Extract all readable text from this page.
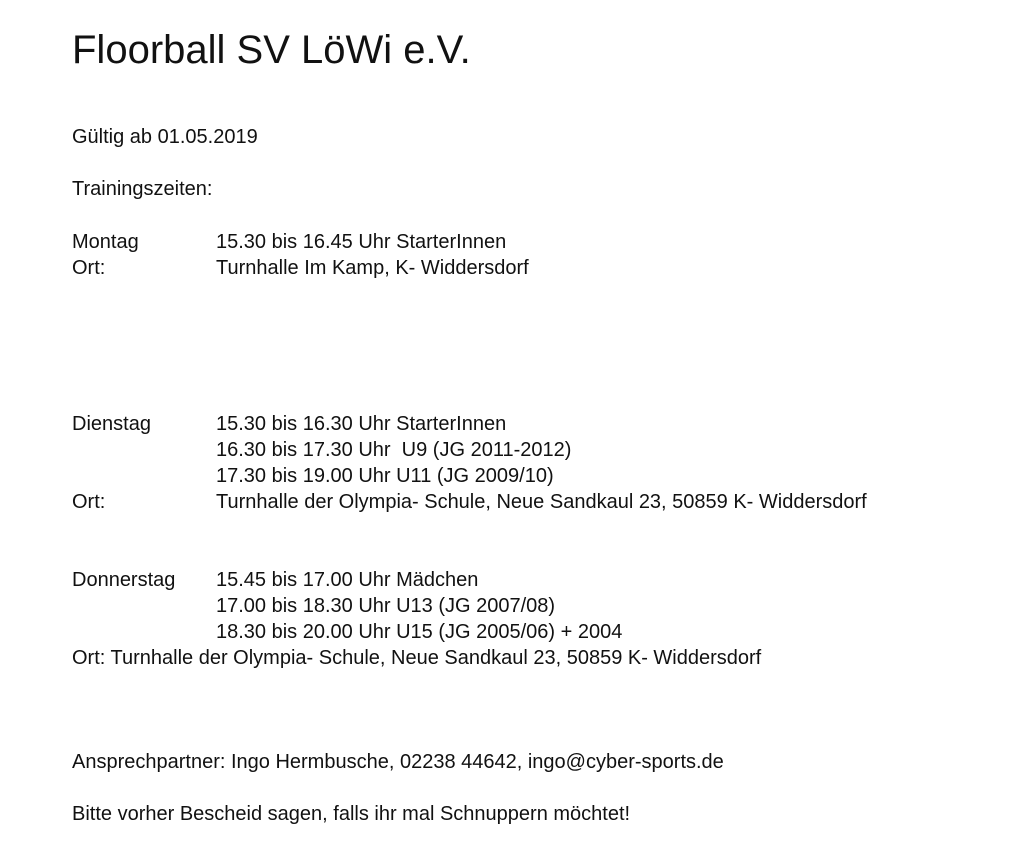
Floorball SV LöWi e.V.
Gültig ab 01.05.2019
Trainingszeiten:
Montag	15.30 bis 16.45 Uhr StarterInnen
Ort:	Turnhalle Im Kamp, K- Widdersdorf
Dienstag	15.30 bis 16.30 Uhr StarterInnen
16.30 bis 17.30 Uhr  U9 (JG 2011-2012)
17.30 bis 19.00 Uhr U11 (JG 2009/10)
Ort:	Turnhalle der Olympia- Schule, Neue Sandkaul 23, 50859 K- Widdersdorf
Donnerstag 15.45 bis 17.00 Uhr Mädchen
17.00 bis 18.30 Uhr U13 (JG 2007/08)
18.30 bis 20.00 Uhr U15 (JG 2005/06) + 2004
Ort: Turnhalle der Olympia- Schule, Neue Sandkaul 23, 50859 K- Widdersdorf
Ansprechpartner: Ingo Hermbusche, 02238 44642, ingo@cyber-sports.de
Bitte vorher Bescheid sagen, falls ihr mal Schnuppern möchtet!
